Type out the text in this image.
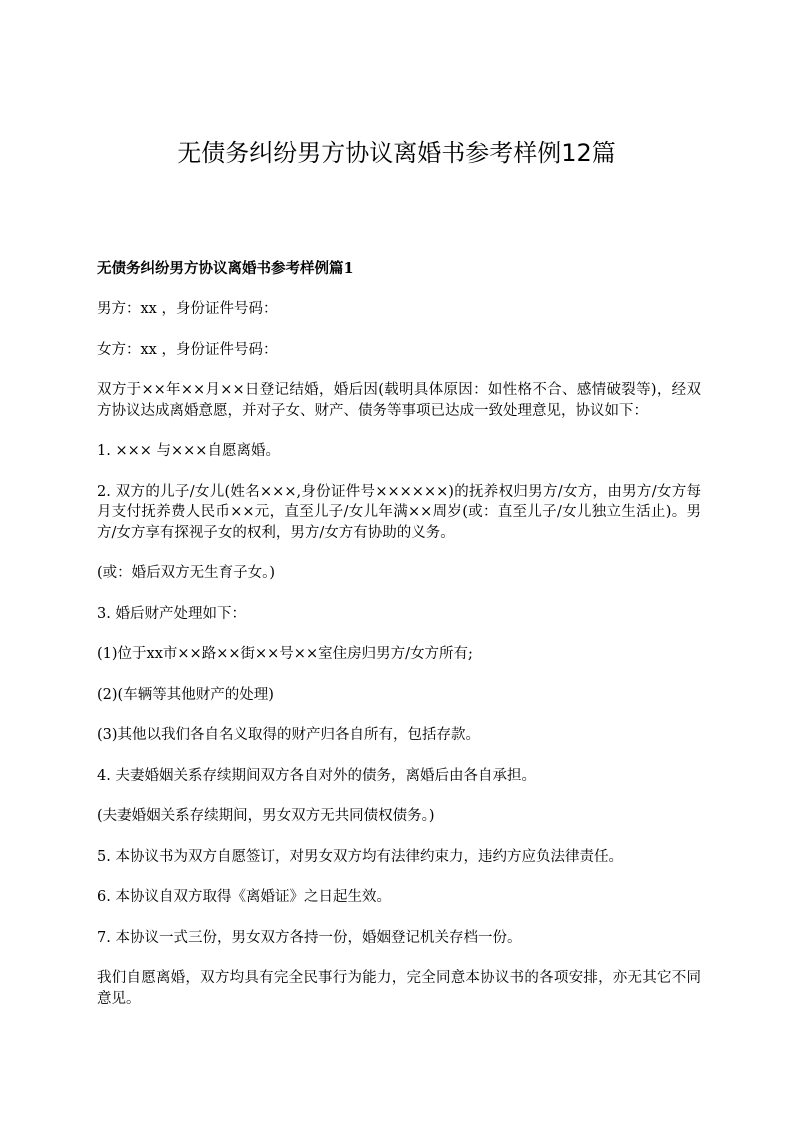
无债务纠纷男方协议离婚书参考样例12篇

无债务纠纷男方协议离婚书参考样例篇1

男方：xx ，身份证件号码：

女方：xx ，身份证件号码：

双方于××年××月××日登记结婚，婚后因(载明具体原因：如性格不合、感情破裂等)，经双方协议达成离婚意愿，并对子女、财产、债务等事项已达成一致处理意见，协议如下：

1. ××× 与×××自愿离婚。

2. 双方的儿子/女儿(姓名×××,身份证件号××××××)的抚养权归男方/女方，由男方/女方每月支付抚养费人民币××元，直至儿子/女儿年满××周岁(或：直至儿子/女儿独立生活止)。男方/女方享有探视子女的权利，男方/女方有协助的义务。

(或：婚后双方无生育子女。)

3. 婚后财产处理如下：

(1)位于xx市××路××街××号××室住房归男方/女方所有;

(2)(车辆等其他财产的处理)

(3)其他以我们各自名义取得的财产归各自所有，包括存款。

4. 夫妻婚姻关系存续期间双方各自对外的债务，离婚后由各自承担。

(夫妻婚姻关系存续期间，男女双方无共同债权债务。)

5. 本协议书为双方自愿签订，对男女双方均有法律约束力，违约方应负法律责任。

6. 本协议自双方取得《离婚证》之日起生效。

7. 本协议一式三份，男女双方各持一份，婚姻登记机关存档一份。

我们自愿离婚，双方均具有完全民事行为能力，完全同意本协议书的各项安排，亦无其它不同意见。
